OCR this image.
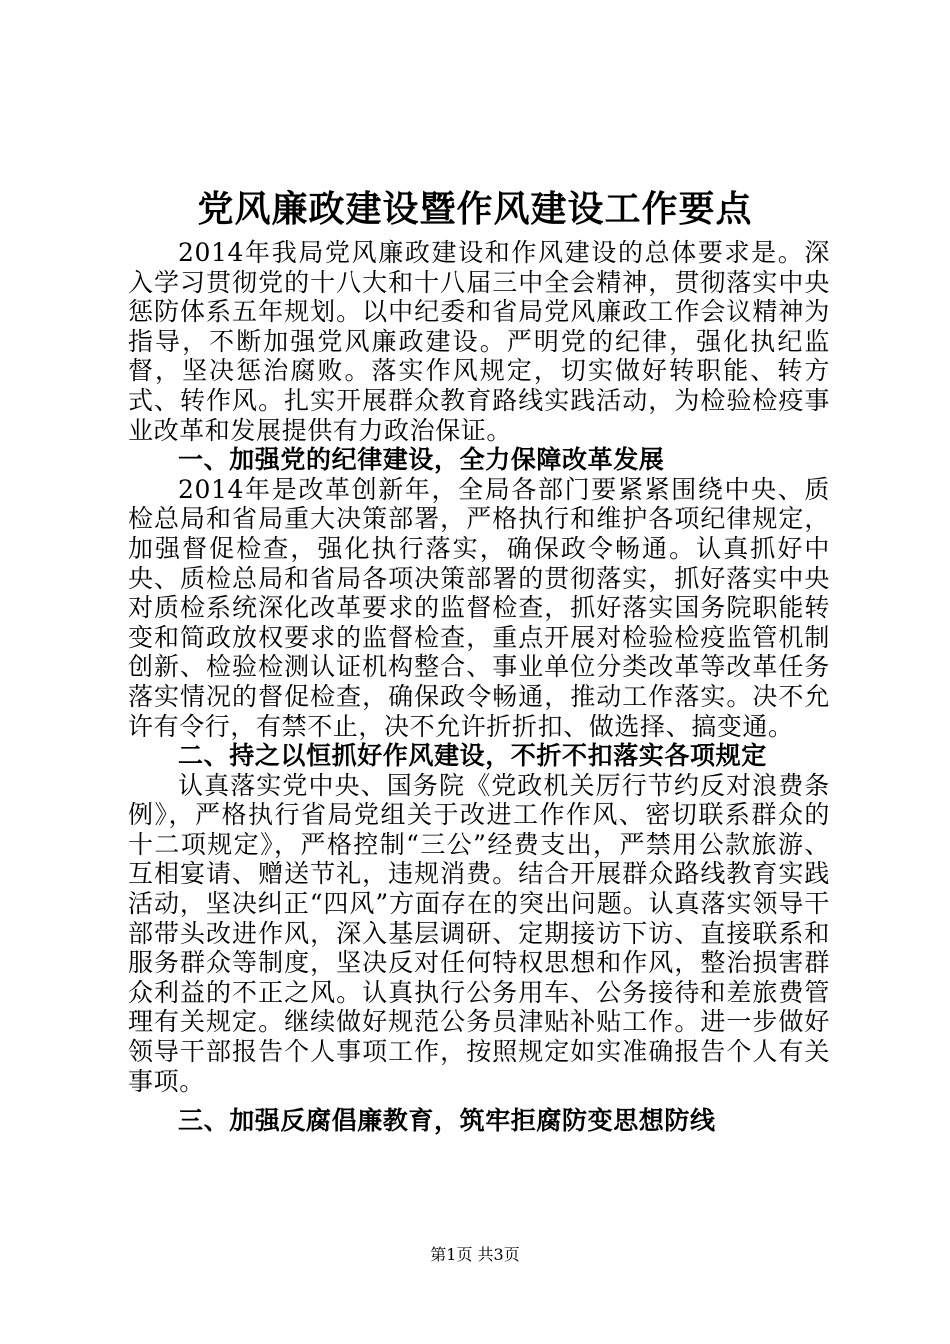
党风廉政建设暨作风建设工作要点

2014年我局党风廉政建设和作风建设的总体要求是。深入学习贯彻党的十八大和十八届三中全会精神，贯彻落实中央惩防体系五年规划。以中纪委和省局党风廉政工作会议精神为指导，不断加强党风廉政建设。严明党的纪律，强化执纪监督，坚决惩治腐败。落实作风规定，切实做好转职能、转方式、转作风。扎实开展群众教育路线实践活动，为检验检疫事业改革和发展提供有力政治保证。

一、加强党的纪律建设，全力保障改革发展

2014年是改革创新年，全局各部门要紧紧围绕中央、质检总局和省局重大决策部署，严格执行和维护各项纪律规定，加强督促检查，强化执行落实，确保政令畅通。认真抓好中央、质检总局和省局各项决策部署的贯彻落实，抓好落实中央对质检系统深化改革要求的监督检查，抓好落实国务院职能转变和简政放权要求的监督检查，重点开展对检验检疫监管机制创新、检验检测认证机构整合、事业单位分类改革等改革任务落实情况的督促检查，确保政令畅通，推动工作落实。决不允许有令行，有禁不止，决不允许折折扣、做选择、搞变通。

二、持之以恒抓好作风建设，不折不扣落实各项规定

认真落实党中央、国务院《党政机关厉行节约反对浪费条例》，严格执行省局党组关于改进工作作风、密切联系群众的十二项规定》，严格控制“三公”经费支出，严禁用公款旅游、互相宴请、赠送节礼，违规消费。结合开展群众路线教育实践活动，坚决纠正“四风”方面存在的突出问题。认真落实领导干部带头改进作风，深入基层调研、定期接访下访、直接联系和服务群众等制度，坚决反对任何特权思想和作风，整治损害群众利益的不正之风。认真执行公务用车、公务接待和差旅费管理有关规定。继续做好规范公务员津贴补贴工作。进一步做好领导干部报告个人事项工作，按照规定如实准确报告个人有关事项。

三、加强反腐倡廉教育，筑牢拒腐防变思想防线

第1页 共3页
